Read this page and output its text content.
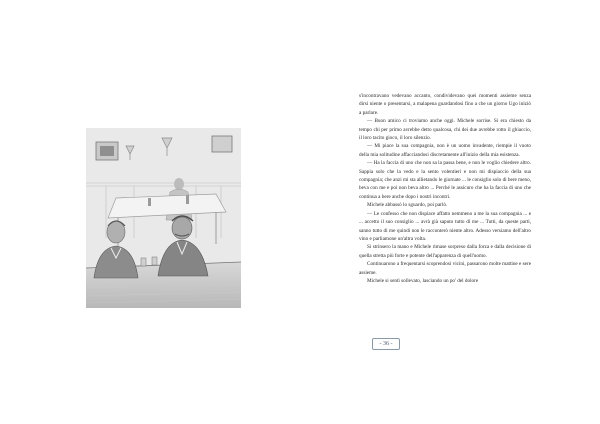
s'incontravano vedevano accanto, condividevano quei momenti assieme senza dirsi niente o presentarsi, a malapena guardandosi fino a che un giorno Ugo iniziò a parlare.

— Buon amico ci troviamo anche oggi. Michele sorrise. Si era chiesto da tempo chi per primo avrebbe detto qualcosa, chi dei due avrebbe rotto il ghiaccio, il loro tacito gioco, il loro silenzio.

— Mi piace la sua compagnia, non è un uomo invadente, riempie il vuoto della mia solitudine affacciandosi discretamente all'inizio della mia esistenza.

— Ha la faccia di uno che non sa la passa bene, e non le voglio chiedere altro. Sappia solo che la vedo e la sento volentieri e non mi dispiaccio della sua compagnia; che anzi mi sta allietando le giornate ... le consiglio solo di bere meno, beva con me e poi non beva altro ... Perché le assicuro che ha la faccia di uno che continua a bere anche dopo i nostri incontri.

Michele abbassò lo sguardo, poi parlò.

— Le confesso che non dispiace affatto nemmeno a me la sua compagnia ... e ... accetto il suo consiglio ... avrà già saputo tutto di me ... Tutti, da queste parti, sanno tutto di me quindi non le racconterò niente altro. Adesso versiamo dell'altro vino e parliamone un'altra volta.

Si strinsero la mano e Michele rimase sorpreso dalla forza e dalla decisione di quella stretta più forte e potente dell'apparenza di quell'uomo.

Continuarono a frequentarsi scoprendosi vicini, passarono molte mattine e sere assieme.

Michele si sentì sollevato, lasciando un po' del dolore

- 36 -
